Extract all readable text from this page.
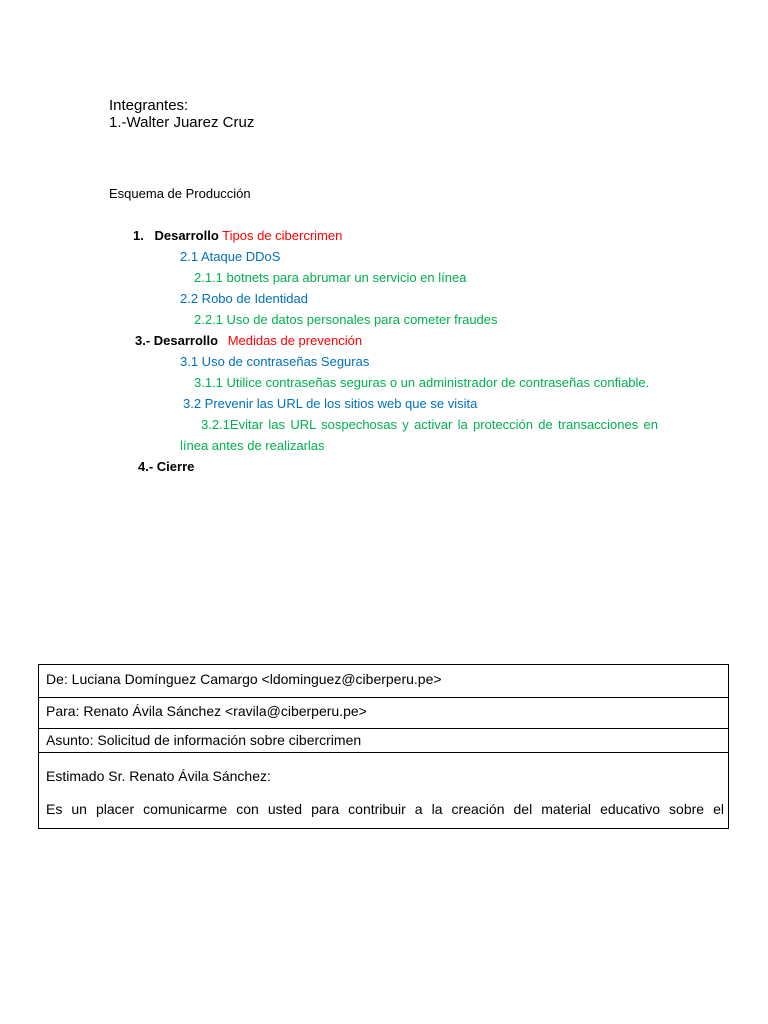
Integrantes:
1.-Walter Juarez Cruz
Esquema de Producción
1. Desarrollo Tipos de cibercrimen
2.1 Ataque DDoS
2.1.1 botnets para abrumar un servicio en línea
2.2 Robo de Identidad
2.2.1 Uso de datos personales para cometer fraudes
3.- Desarrollo Medidas de prevención
3.1 Uso de contraseñas Seguras
3.1.1 Utilice contraseñas seguras o un administrador de contraseñas confiable.
3.2 Prevenir las URL de los sitios web que se visita
3.2.1Evitar las URL sospechosas y activar la protección de transacciones en
línea antes de realizarlas
4.- Cierre
De: Luciana Domínguez Camargo <ldominguez@ciberperu.pe>
Para: Renato Ávila Sánchez <ravila@ciberperu.pe>
Asunto: Solicitud de información sobre cibercrimen
Estimado Sr. Renato Ávila Sánchez:
Es un placer comunicarme con usted para contribuir a la creación del material educativo sobre el
